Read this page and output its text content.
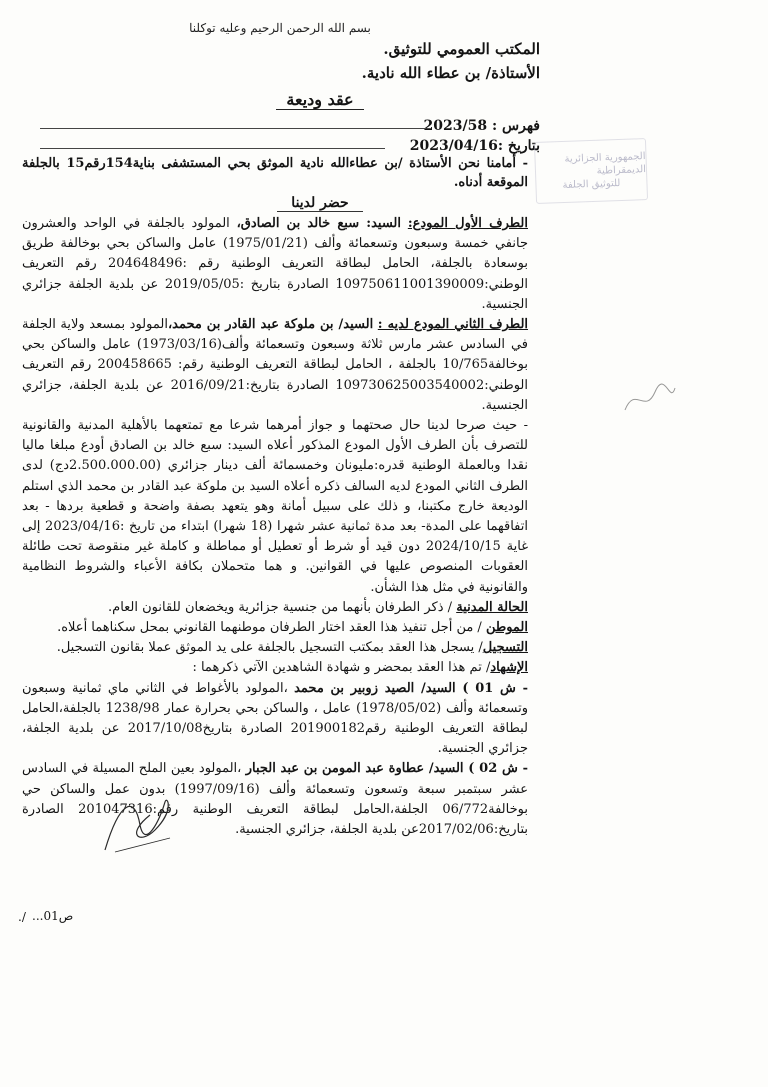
بسم الله الرحمن الرحيم وعليه توكلنا
المكتب العمومي للتوثيق.
الأستاذة/ بن عطاء الله نادية.
عقد وديعة
فهرس : 2023/58
بتاريخ :2023/04/16
- أمامنا نحن الأستاذة /بن عطاءالله نادية الموثق بحي المستشفى بناية154رقم15 بالجلفة الموقعة أدناه.
الجمهورية الجزائرية الديمقراطية
للتوثيق الجلفة
حضر لدينا

الطرف الأول المودع: السيد: سبع خالد بن الصادق، المولود بالجلفة في الواحد والعشرون جانفي خمسة وسبعون وتسعمائة وألف (1975/01/21) عامل والساكن بحي بوخالفة طريق بوسعادة بالجلفة، الحامل لبطاقة التعريف الوطنية رقم :204648496 رقم التعريف الوطني:109750611001390009 الصادرة بتاريخ :2019/05/05 عن بلدية الجلفة جزائري الجنسية.

الطرف الثاني المودع لديه : السيد/ بن ملوكة عبد القادر بن محمد،المولود بمسعد ولاية الجلفة في السادس عشر مارس ثلاثة وسبعون وتسعمائة وألف(1973/03/16) عامل والساكن بحي بوخالفة10/765 بالجلفة ، الحامل لبطاقة التعريف الوطنية رقم: 200458665 رقم التعريف الوطني:109730625003540002 الصادرة بتاريخ:2016/09/21 عن بلدية الجلفة، جزائري الجنسية.

- حيث صرحا لدينا حال صحتهما و جواز أمرهما شرعا مع تمتعهما بالأهلية المدنية والقانونية للتصرف بأن الطرف الأول المودع المذكور أعلاه السيد: سبع خالد بن الصادق أودع مبلغا ماليا نقدا وبالعملة الوطنية قدره:مليونان وخمسمائة ألف دينار جزائري (2.500.000.00دج) لدى الطرف الثاني المودع لديه السالف ذكره أعلاه السيد بن ملوكة عبد القادر بن محمد الذي استلم الوديعة خارج مكتبنا، و ذلك على سبيل أمانة وهو يتعهد بصفة واضحة و قطعية بردها - بعد اتفاقهما على المدة- بعد مدة ثمانية عشر شهرا (18 شهرا) ابتداء من تاريخ :2023/04/16 إلى غاية 2024/10/15 دون قيد أو شرط أو تعطيل أو مماطلة و كاملة غير منقوصة تحت طائلة العقوبات المنصوص عليها في القوانين. و هما متحملان بكافة الأعباء والشروط النظامية والقانونية في مثل هذا الشأن.

الحالة المدنية / ذكر الطرفان بأنهما من جنسية جزائرية ويخضعان للقانون العام.

الموطن / من أجل تنفيذ هذا العقد اختار الطرفان موطنهما القانوني بمحل سكناهما أعلاه.

التسجيل/ يسجل هذا العقد بمكتب التسجيل بالجلفة على يد الموثق عملا بقانون التسجيل.

الإشهاد/ تم هذا العقد بمحضر و شهادة الشاهدين الآتي ذكرهما :

- ش 01 ) السيد/ الصيد زوبير بن محمد ،المولود بالأغواط في الثاني ماي ثمانية وسبعون وتسعمائة وألف (1978/05/02) عامل ، والساكن بحي بحرارة عمار 1238/98 بالجلفة،الحامل لبطاقة التعريف الوطنية رقم201900182 الصادرة بتاريخ2017/10/08 عن بلدية الجلفة، جزائري الجنسية.

- ش 02 ) السيد/ عطاوة عبد المومن بن عبد الجبار ،المولود بعين الملح المسيلة في السادس عشر سبتمبر سبعة وتسعون وتسعمائة وألف (1997/09/16) بدون عمل والساكن حي بوخالفة06/772 الجلفة،الحامل لبطاقة التعريف الوطنية رقم:201047316 الصادرة بتاريخ:2017/02/06عن بلدية الجلفة، جزائري الجنسية.

ص01...
/.
